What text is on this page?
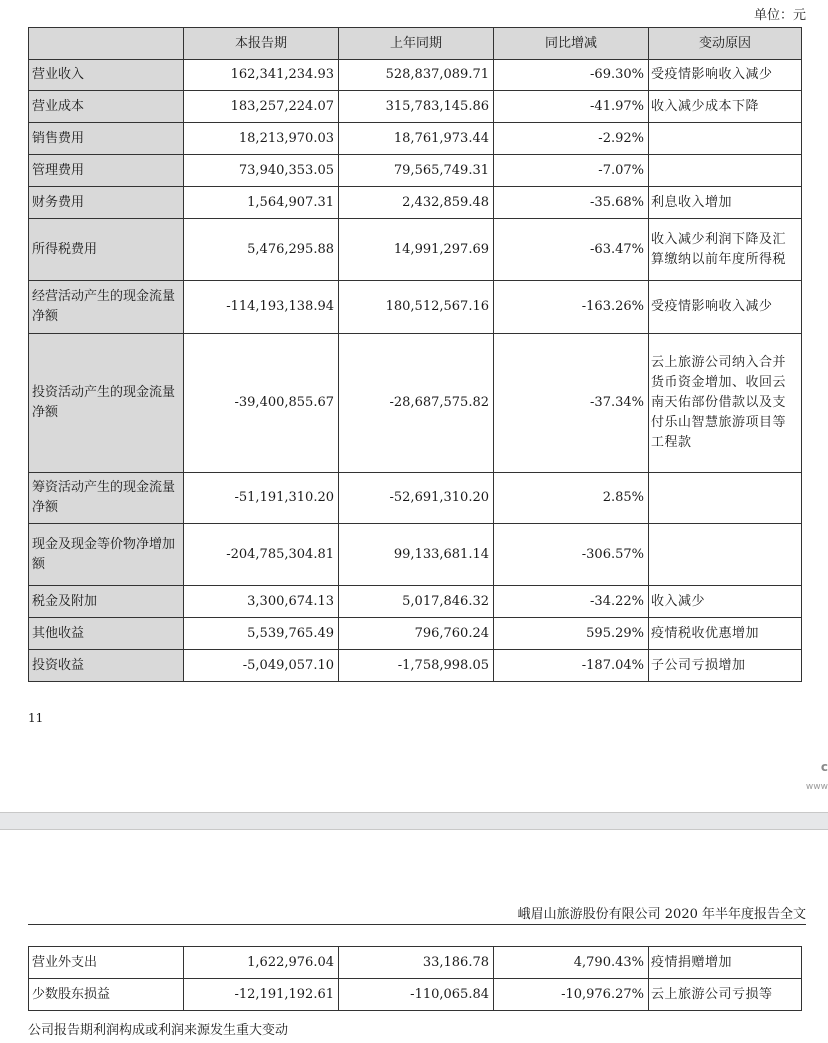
单位：元
	本报告期	上年同期	同比增减	变动原因
营业收入	162,341,234.93	528,837,089.71	-69.30%	受疫情影响收入减少
营业成本	183,257,224.07	315,783,145.86	-41.97%	收入减少成本下降
销售费用	18,213,970.03	18,761,973.44	-2.92%	
管理费用	73,940,353.05	79,565,749.31	-7.07%	
财务费用	1,564,907.31	2,432,859.48	-35.68%	利息收入增加
所得税费用	5,476,295.88	14,991,297.69	-63.47%	收入减少利润下降及汇算缴纳以前年度所得税
经营活动产生的现金流量净额	-114,193,138.94	180,512,567.16	-163.26%	受疫情影响收入减少
投资活动产生的现金流量净额	-39,400,855.67	-28,687,575.82	-37.34%	云上旅游公司纳入合并货币资金增加、收回云南天佑部份借款以及支付乐山智慧旅游项目等工程款
筹资活动产生的现金流量净额	-51,191,310.20	-52,691,310.20	2.85%	
现金及现金等价物净增加额	-204,785,304.81	99,133,681.14	-306.57%	
税金及附加	3,300,674.13	5,017,846.32	-34.22%	收入减少
其他收益	5,539,765.49	796,760.24	595.29%	疫情税收优惠增加
投资收益	-5,049,057.10	-1,758,998.05	-187.04%	子公司亏损增加
11
c
www
峨眉山旅游股份有限公司 2020 年半年度报告全文
营业外支出	1,622,976.04	33,186.78	4,790.43%	疫情捐赠增加
少数股东损益	-12,191,192.61	-110,065.84	-10,976.27%	云上旅游公司亏损等
公司报告期利润构成或利润来源发生重大变动
